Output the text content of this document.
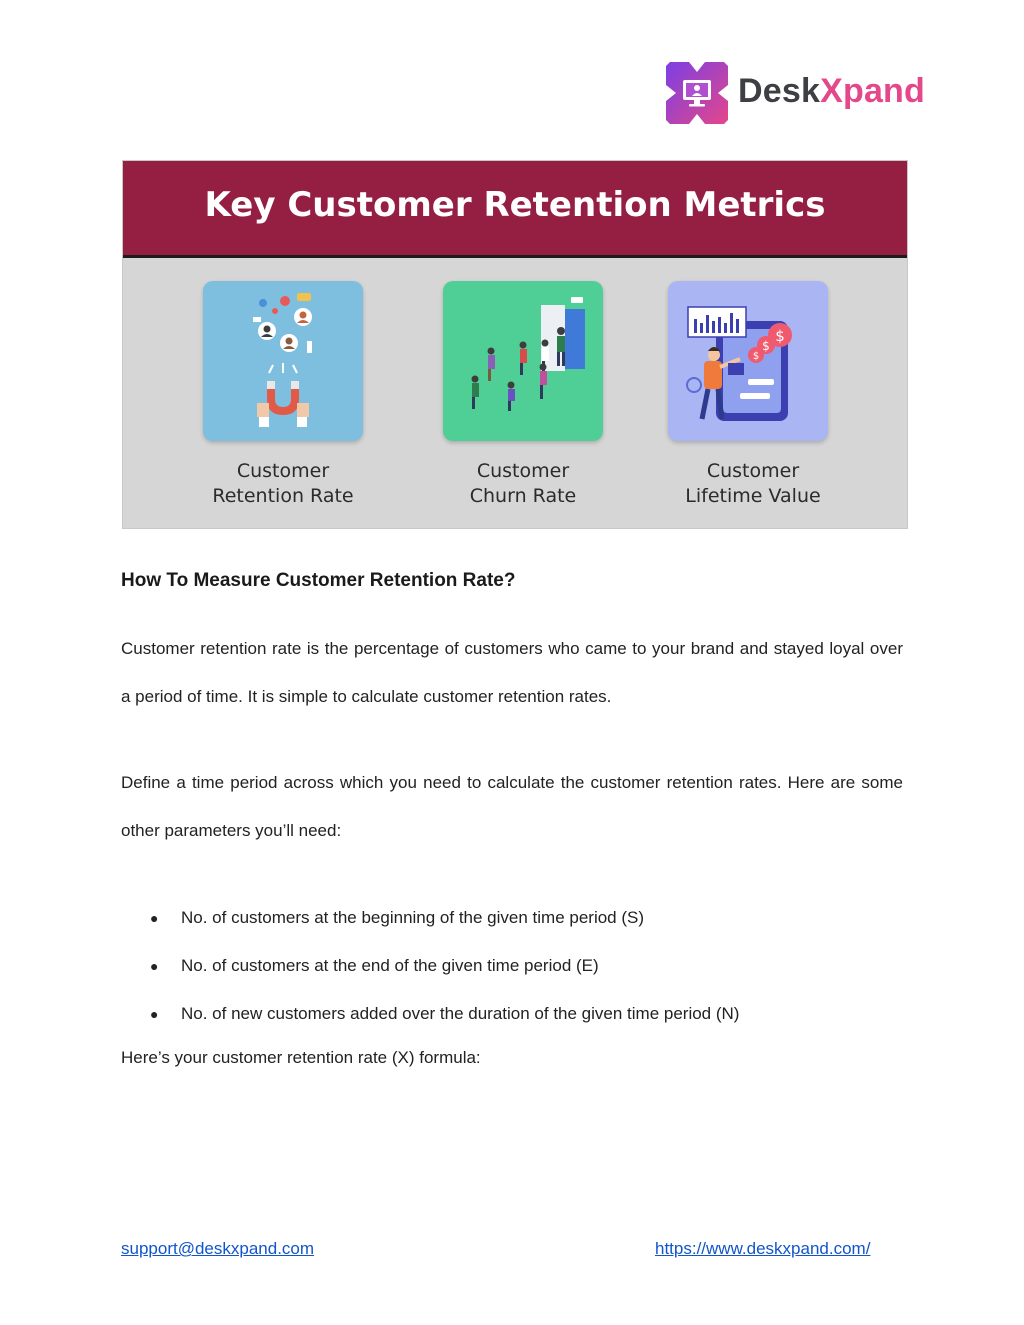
DeskXpand
Key Customer Retention Metrics
Customer
Retention Rate
Customer
Churn Rate
$
$
$
Customer
Lifetime Value
How To Measure Customer Retention Rate?

Customer retention rate is the percentage of customers who came to your brand and stayed loyal over a period of time. It is simple to calculate customer retention rates.

Define a time period across which you need to calculate the customer retention rates. Here are some other parameters you’ll need:

● No. of customers at the beginning of the given time period (S)
● No. of customers at the end of the given time period (E)
● No. of new customers added over the duration of the given time period (N)

Here’s your customer retention rate (X) formula:

support@deskxpand.com	https://www.deskxpand.com/
